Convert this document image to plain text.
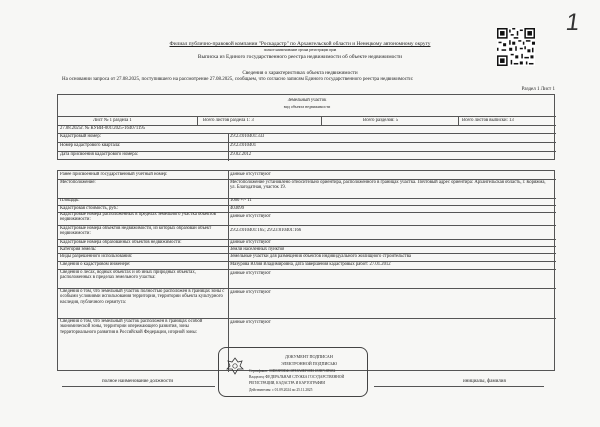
1
Филиал публично-правовой компании "Роскадастр" по Архангельской области и Ненецкому автономному округу
полное наименование органа регистрации прав
Выписка из Единого государственного реестра недвижимости об объекте недвижимости
Сведения о характеристиках объекта недвижимости
На основании запроса от 27.08.2025, поступившего на рассмотрение 27.08.2025, сообщаем, что согласно записям Единого государственного реестра недвижимости:
Раздел 1 Лист 1
Земельный участок
вид объекта недвижимости
Лист № 1 раздела 1	Всего листов раздела 1: 3	Всего разделов: 5	Всего листов выписки: 13
27.08.2025г. № КУВИ-001/2025-164071195
Кадастровый номер:	29:23:010401:333
Номер кадастрового квартала:	29:23:010401
Дата присвоения кадастрового номера:	29.02.2012
Ранее присвоенный государственный учетный номер:	данные отсутствуют
Местоположение:	Местоположение установлено относительно ориентира, расположенного в границах участка. Почтовый адрес ориентира: Архангельская область, г. Коряжма, ул. Благодатная, участок 19.
Площадь:	1000 +/- 11
Кадастровая стоимость, руб.:	403099
Кадастровые номера расположенных в пределах земельного участка объектов недвижимости:
данные отсутствуют
Кадастровые номера объектов недвижимости, из которых образован объект недвижимости:
29:23:010401:165; 29:23:010401:166
Кадастровые номера образованных объектов недвижимости:	данные отсутствуют
Категория земель:	Земли населенных пунктов
Виды разрешенного использования:	Земельные участки для размещения объектов индивидуального жилищного строительства
Сведения о кадастровом инженере:	Мазурова Юлия Владимировна, дата завершения кадастровых работ: 27.01.2012
Сведения о лесах, водных объектах и об иных природных объектах, расположенных в пределах земельного участка:
данные отсутствуют
Сведения о том, что земельный участок полностью расположен в границах зоны с особыми условиями использования территории, территории объекта культурного наследия, публичного сервитута:
данные отсутствуют
Сведения о том, что земельный участок расположен в границах особой экономической зоны, территории опережающего развития, зоны территориального развития в Российской Федерации, игорной зоны:
данные отсутствуют
ДОКУМЕНТ ПОДПИСАН
ЭЛЕКТРОННОЙ ПОДПИСЬЮ
Сертификат: 00DE8FDD4C0FE8A8EF08E11E88718F6E2
Владелец: ФЕДЕРАЛЬНАЯ СЛУЖБА ГОСУДАРСТВЕННОЙ
РЕГИСТРАЦИИ, КАДАСТРА И КАРТОГРАФИИ
Действителен: с 01.09.2024 по 25.11.2025
полное наименование должности	инициалы, фамилия
